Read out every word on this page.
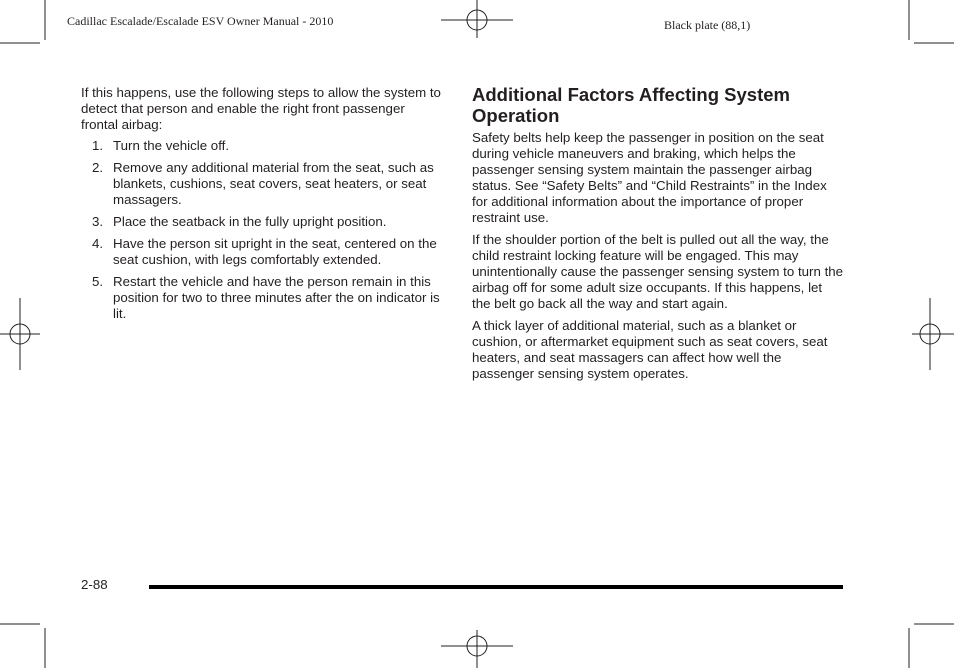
Cadillac Escalade/Escalade ESV Owner Manual - 2010	Black plate (88,1)

If this happens, use the following steps to allow the system to detect that person and enable the right front passenger frontal airbag:

1. Turn the vehicle off.
2. Remove any additional material from the seat, such as blankets, cushions, seat covers, seat heaters, or seat massagers.
3. Place the seatback in the fully upright position.
4. Have the person sit upright in the seat, centered on the seat cushion, with legs comfortably extended.
5. Restart the vehicle and have the person remain in this position for two to three minutes after the on indicator is lit.
Additional Factors Affecting System Operation

Safety belts help keep the passenger in position on the seat during vehicle maneuvers and braking, which helps the passenger sensing system maintain the passenger airbag status. See “Safety Belts” and “Child Restraints” in the Index for additional information about the importance of proper restraint use.

If the shoulder portion of the belt is pulled out all the way, the child restraint locking feature will be engaged. This may unintentionally cause the passenger sensing system to turn the airbag off for some adult size occupants. If this happens, let the belt go back all the way and start again.

A thick layer of additional material, such as a blanket or cushion, or aftermarket equipment such as seat covers, seat heaters, and seat massagers can affect how well the passenger sensing system operates.

2-88
